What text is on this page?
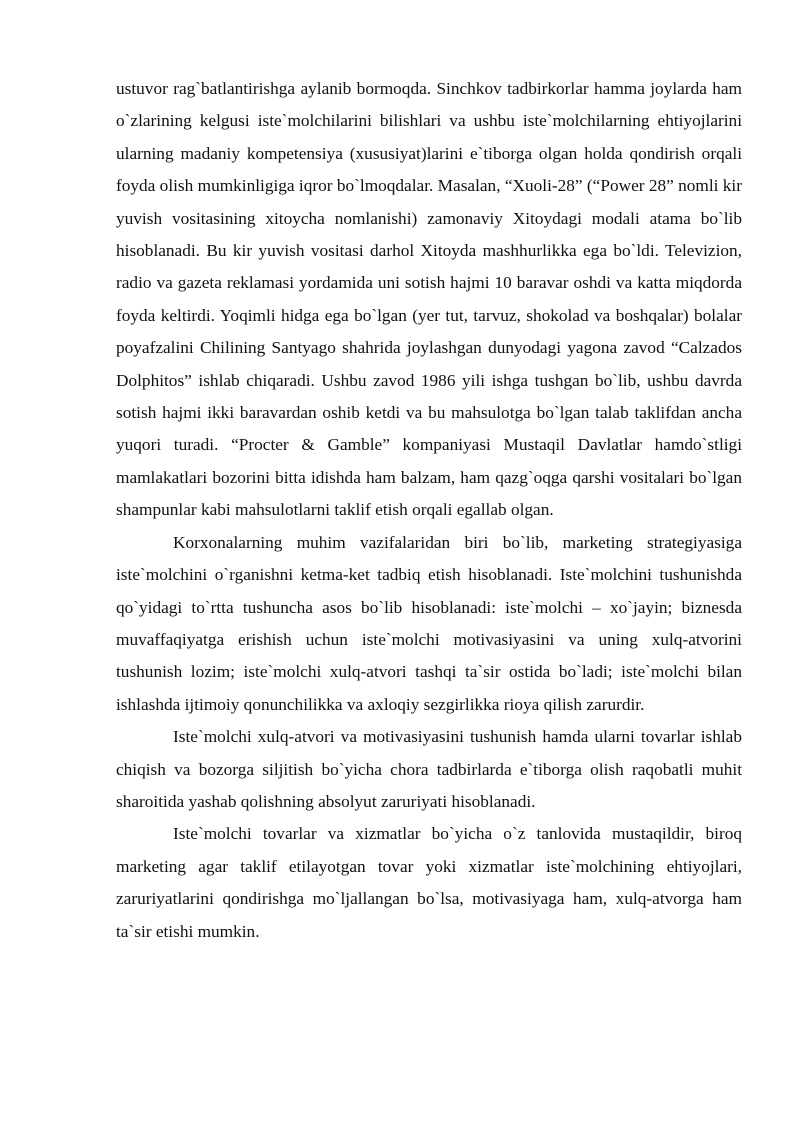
ustuvor rag`batlantirishga aylanib bormoqda. Sinchkov tadbirkorlar hamma joylarda ham o`zlarining kelgusi iste`molchilarini bilishlari va ushbu iste`molchilarning ehtiyojlarini ularning madaniy kompetensiya (xususiyat)larini e`tiborga olgan holda qondirish orqali foyda olish mumkinligiga iqror bo`lmoqdalar. Masalan, “Xuoli-28” (“Power 28” nomli kir yuvish vositasining xitoycha nomlanishi) zamonaviy Xitoydagi modali atama bo`lib hisoblanadi. Bu kir yuvish vositasi darhol Xitoyda mashhurlikka ega bo`ldi. Televizion, radio va gazeta reklamasi yordamida uni sotish hajmi 10 baravar oshdi va katta miqdorda foyda keltirdi. Yoqimli hidga ega bo`lgan (yer tut, tarvuz, shokolad va boshqalar) bolalar poyafzalini Chilining Santyago shahrida joylashgan dunyodagi yagona zavod “Calzados Dolphitos” ishlab chiqaradi. Ushbu zavod 1986 yili ishga tushgan bo`lib, ushbu davrda sotish hajmi ikki baravardan oshib ketdi va bu mahsulotga bo`lgan talab taklifdan ancha yuqori turadi. “Procter & Gamble” kompaniyasi Mustaqil Davlatlar hamdo`stligi mamlakatlari bozorini bitta idishda ham balzam, ham qazg`oqga qarshi vositalari bo`lgan shampunlar kabi mahsulotlarni taklif etish orqali egallab olgan.

Korxonalarning muhim vazifalaridan biri bo`lib, marketing strategiyasiga iste`molchini o`rganishni ketma-ket tadbiq etish hisoblanadi. Iste`molchini tushunishda qo`yidagi to`rtta tushuncha asos bo`lib hisoblanadi: iste`molchi – xo`jayin; biznesda muvaffaqiyatga erishish uchun iste`molchi motivasiyasini va uning xulq-atvorini tushunish lozim; iste`molchi xulq-atvori tashqi ta`sir ostida bo`ladi; iste`molchi bilan ishlashda ijtimoiy qonunchilikka va axloqiy sezgirlikka rioya qilish zarurdir.

Iste`molchi xulq-atvori va motivasiyasini tushunish hamda ularni tovarlar ishlab chiqish va bozorga siljitish bo`yicha chora tadbirlarda e`tiborga olish raqobatli muhit sharoitida yashab qolishning absolyut zaruriyati hisoblanadi.

Iste`molchi tovarlar va xizmatlar bo`yicha o`z tanlovida mustaqildir, biroq marketing agar taklif etilayotgan tovar yoki xizmatlar iste`molchining ehtiyojlari, zaruriyatlarini qondirishga mo`ljallangan bo`lsa, motivasiyaga ham, xulq-atvorga ham ta`sir etishi mumkin.
